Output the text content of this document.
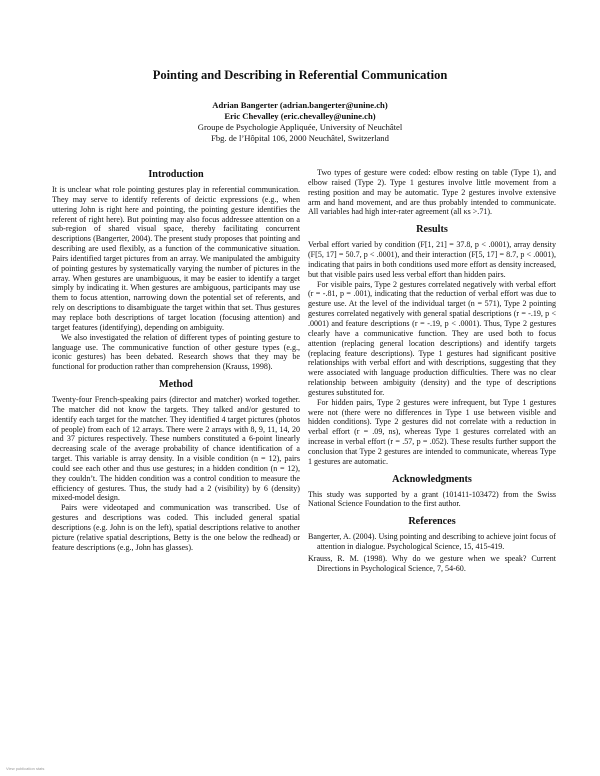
Pointing and Describing in Referential Communication
Adrian Bangerter (adrian.bangerter@unine.ch)
Eric Chevalley (eric.chevalley@unine.ch)
Groupe de Psychologie Appliquée, University of Neuchâtel
Fbg. de l’Hôpital 106, 2000 Neuchâtel, Switzerland
Introduction

It is unclear what role pointing gestures play in referential communication. They may serve to identify referents of deictic expressions (e.g., when uttering John is right here and pointing, the pointing gesture identifies the referent of right here). But pointing may also focus addressee attention on a sub-region of shared visual space, thereby facilitating concurrent descriptions (Bangerter, 2004). The present study proposes that pointing and describing are used flexibly, as a function of the communicative situation. Pairs identified target pictures from an array. We manipulated the ambiguity of pointing gestures by systematically varying the number of pictures in the array. When gestures are unambiguous, it may be easier to identify a target simply by indicating it. When gestures are ambiguous, participants may use them to focus attention, narrowing down the potential set of referents, and rely on descriptions to disambiguate the target within that set. Thus gestures may replace both descriptions of target location (focusing attention) and target features (identifying), depending on ambiguity.

We also investigated the relation of different types of pointing gesture to language use. The communicative function of other gesture types (e.g., iconic gestures) has been debated. Research shows that they may be functional for production rather than comprehension (Krauss, 1998).

Method

Twenty-four French-speaking pairs (director and matcher) worked together. The matcher did not know the targets. They talked and/or gestured to identify each target for the matcher. They identified 4 target pictures (photos of people) from each of 12 arrays. There were 2 arrays with 8, 9, 11, 14, 20 and 37 pictures respectively. These numbers constituted a 6-point linearly decreasing scale of the average probability of chance identification of a target. This variable is array density. In a visible condition (n = 12), pairs could see each other and thus use gestures; in a hidden condition (n = 12), they couldn’t. The hidden condition was a control condition to measure the efficiency of gestures. Thus, the study had a 2 (visibility) by 6 (density) mixed-model design.

Pairs were videotaped and communication was transcribed. Use of gestures and descriptions was coded. This included general spatial descriptions (e.g. John is on the left), spatial descriptions relative to another picture (relative spatial descriptions, Betty is the one below the redhead) or feature descriptions (e.g., John has glasses).

Two types of gesture were coded: elbow resting on table (Type 1), and elbow raised (Type 2). Type 1 gestures involve little movement from a resting position and may be automatic. Type 2 gestures involve extensive arm and hand movement, and are thus probably intended to communicate. All variables had high inter-rater agreement (all κs >.71).

Results

Verbal effort varied by condition (F[1, 21] = 37.8, p < .0001), array density (F[5, 17] = 50.7, p < .0001), and their interaction (F[5, 17] = 8.7, p < .0001), indicating that pairs in both conditions used more effort as density increased, but that visible pairs used less verbal effort than hidden pairs.

For visible pairs, Type 2 gestures correlated negatively with verbal effort (r = -.81, p = .001), indicating that the reduction of verbal effort was due to gesture use. At the level of the individual target (n = 571), Type 2 pointing gestures correlated negatively with general spatial descriptions (r = -.19, p < .0001) and feature descriptions (r = -.19, p < .0001). Thus, Type 2 gestures clearly have a communicative function. They are used both to focus attention (replacing general location descriptions) and identify targets (replacing feature descriptions). Type 1 gestures had significant positive relationships with verbal effort and with descriptions, suggesting that they were associated with language production difficulties. There was no clear relationship between ambiguity (density) and the type of descriptions gestures substituted for.

For hidden pairs, Type 2 gestures were infrequent, but Type 1 gestures were not (there were no differences in Type 1 use between visible and hidden conditions). Type 2 gestures did not correlate with a reduction in verbal effort (r = .09, ns), whereas Type 1 gestures correlated with an increase in verbal effort (r = .57, p = .052). These results further support the conclusion that Type 2 gestures are intended to communicate, whereas Type 1 gestures are automatic.

Acknowledgments

This study was supported by a grant (101411-103472) from the Swiss National Science Foundation to the first author.

References

Bangerter, A. (2004). Using pointing and describing to achieve joint focus of attention in dialogue. Psychological Science, 15, 415-419.

Krauss, R. M. (1998). Why do we gesture when we speak? Current Directions in Psychological Science, 7, 54-60.

View publication stats
